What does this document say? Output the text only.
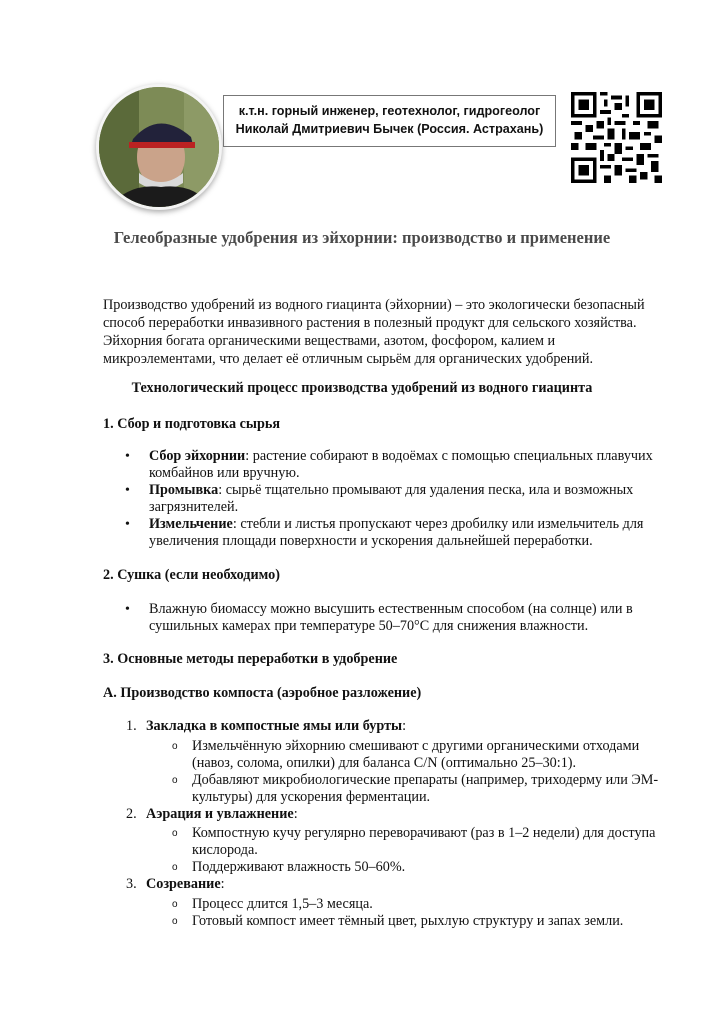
к.т.н. горный инженер, геотехнолог, гидрогеолог
Николай Дмитриевич Бычек (Россия. Астрахань)
Гелеобразные удобрения из эйхорнии: производство и применение

Производство удобрений из водного гиацинта (эйхорнии) – это экологически безопасный способ переработки инвазивного растения в полезный продукт для сельского хозяйства. Эйхорния богата органическими веществами, азотом, фосфором, калием и микроэлементами, что делает её отличным сырьём для органических удобрений.

Технологический процесс производства удобрений из водного гиацинта
1. Сбор и подготовка сырья
• Сбор эйхорнии: растение собирают в водоёмах с помощью специальных плавучих комбайнов или вручную.
• Промывка: сырьё тщательно промывают для удаления песка, ила и возможных загрязнителей.
• Измельчение: стебли и листья пропускают через дробилку или измельчитель для увеличения площади поверхности и ускорения дальнейшей переработки.
2. Сушка (если необходимо)
• Влажную биомассу можно высушить естественным способом (на солнце) или в сушильных камерах при температуре 50–70°C для снижения влажности.
3. Основные методы переработки в удобрение
А. Производство компоста (аэробное разложение)
1. Закладка в компостные ямы или бурты:
o Измельчённую эйхорнию смешивают с другими органическими отходами (навоз, солома, опилки) для баланса C/N (оптимально 25–30:1).
o Добавляют микробиологические препараты (например, триходерму или ЭМ-культуры) для ускорения ферментации.
2. Аэрация и увлажнение:
o Компостную кучу регулярно переворачивают (раз в 1–2 недели) для доступа кислорода.
o Поддерживают влажность 50–60%.
3. Созревание:
o Процесс длится 1,5–3 месяца.
o Готовый компост имеет тёмный цвет, рыхлую структуру и запах земли.
